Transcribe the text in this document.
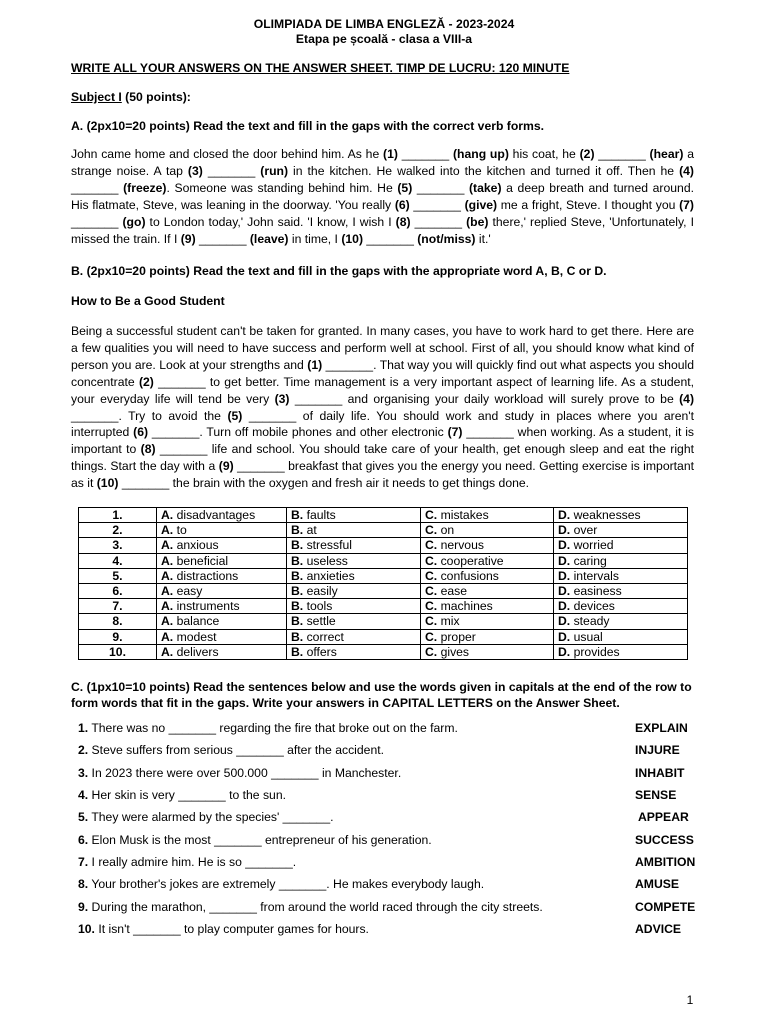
OLIMPIADA DE LIMBA ENGLEZĂ - 2023-2024
Etapa pe școală - clasa a VIII-a
WRITE ALL YOUR ANSWERS ON THE ANSWER SHEET. TIMP DE LUCRU: 120 MINUTE
Subject I (50 points):
A. (2px10=20 points) Read the text and fill in the gaps with the correct verb forms.

John came home and closed the door behind him. As he (1) _______ (hang up) his coat, he (2) _______ (hear) a strange noise. A tap (3) _______ (run) in the kitchen. He walked into the kitchen and turned it off. Then he (4) _______ (freeze). Someone was standing behind him. He (5) _______ (take) a deep breath and turned around. His flatmate, Steve, was leaning in the doorway. 'You really (6) _______ (give) me a fright, Steve. I thought you (7) _______ (go) to London today,' John said. 'I know, I wish I (8) _______ (be) there,' replied Steve, 'Unfortunately, I missed the train. If I (9) _______ (leave) in time, I (10) _______ (not/miss) it.'

B. (2px10=20 points) Read the text and fill in the gaps with the appropriate word A, B, C or D.
How to Be a Good Student

Being a successful student can't be taken for granted. In many cases, you have to work hard to get there. Here are a few qualities you will need to have success and perform well at school. First of all, you should know what kind of person you are. Look at your strengths and (1) _______. That way you will quickly find out what aspects you should concentrate (2) _______ to get better. Time management is a very important aspect of learning life. As a student, your everyday life will tend be very (3) _______ and organising your daily workload will surely prove to be (4) _______. Try to avoid the (5) _______ of daily life. You should work and study in places where you aren't interrupted (6) _______. Turn off mobile phones and other electronic (7) _______ when working. As a student, it is important to (8) _______ life and school. You should take care of your health, get enough sleep and eat the right things. Start the day with a (9) _______ breakfast that gives you the energy you need. Getting exercise is important as it (10) _______ the brain with the oxygen and fresh air it needs to get things done.

1.	A. disadvantages	B. faults	C. mistakes	D. weaknesses
2.	A. to	B. at	C. on	D. over
3.	A. anxious	B. stressful	C. nervous	D. worried
4.	A. beneficial	B. useless	C. cooperative	D. caring
5.	A. distractions	B. anxieties	C. confusions	D. intervals
6.	A. easy	B. easily	C. ease	D. easiness
7.	A. instruments	B. tools	C. machines	D. devices
8.	A. balance	B. settle	C. mix	D. steady
9.	A. modest	B. correct	C. proper	D. usual
10.	A. delivers	B. offers	C. gives	D. provides
C. (1px10=10 points) Read the sentences below and use the words given in capitals at the end of the row to form words that fit in the gaps. Write your answers in CAPITAL LETTERS on the Answer Sheet.
1. There was no _______ regarding the fire that broke out on the farm.	EXPLAIN
2. Steve suffers from serious _______ after the accident.	INJURE
3. In 2023 there were over 500.000 _______ in Manchester.	INHABIT
4. Her skin is very _______ to the sun.	SENSE
5. They were alarmed by the species' _______.	APPEAR
6. Elon Musk is the most _______ entrepreneur of his generation.	SUCCESS
7. I really admire him. He is so _______.	AMBITION
8. Your brother's jokes are extremely _______. He makes everybody laugh.	AMUSE
9. During the marathon, _______ from around the world raced through the city streets.	COMPETE
10. It isn't _______ to play computer games for hours.	ADVICE
1
